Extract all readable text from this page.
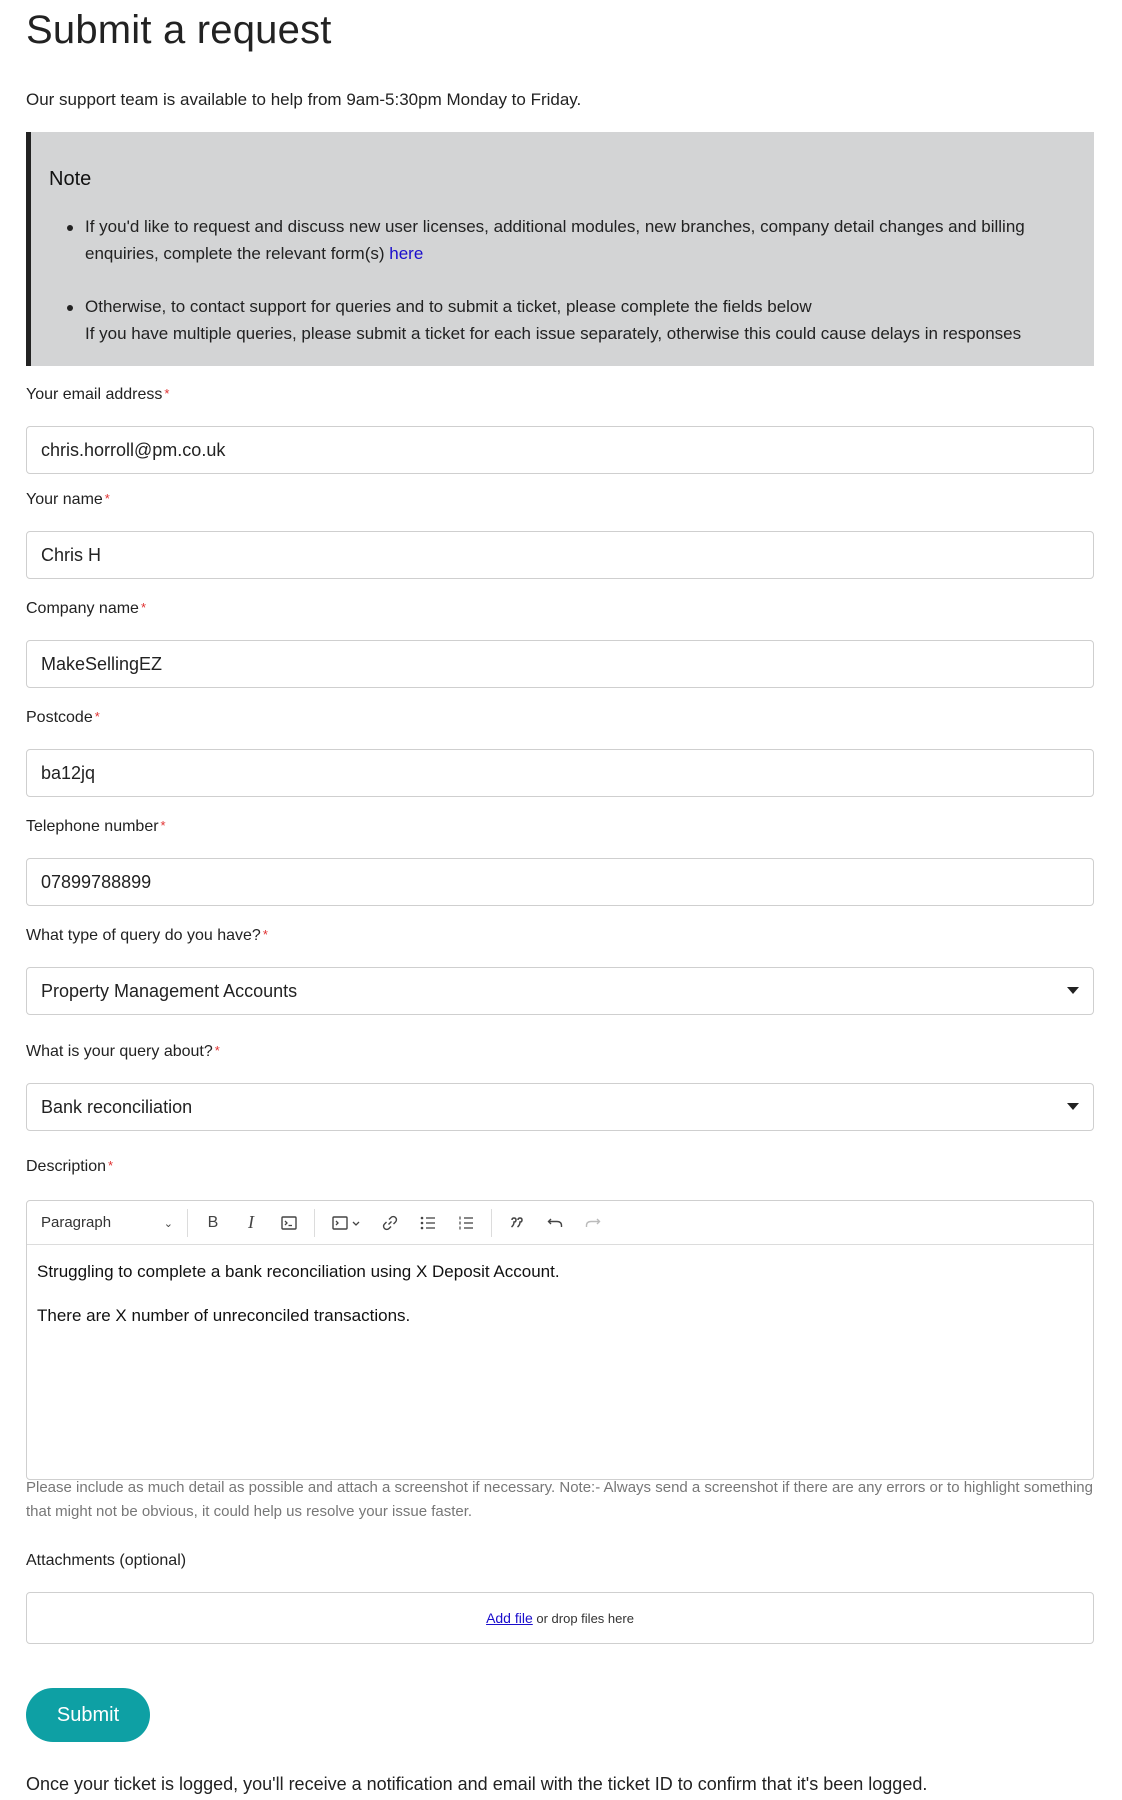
Submit a request
Our support team is available to help from 9am-5:30pm Monday to Friday.
Note
If you'd like to request and discuss new user licenses, additional modules, new branches, company detail changes and billing enquiries, complete the relevant form(s) here
Otherwise, to contact support for queries and to submit a ticket, please complete the fields below
If you have multiple queries, please submit a ticket for each issue separately, otherwise this could cause delays in responses
Your email address *
chris.horroll@pm.co.uk
Your name *
Chris H
Company name *
MakeSellingEZ
Postcode *
ba12jq
Telephone number *
07899788899
What type of query do you have? *
Property Management Accounts
What is your query about? *
Bank reconciliation
Description *
Paragraph	⌄ B I

Struggling to complete a bank reconciliation using X Deposit Account.

There are X number of unreconciled transactions.

Please include as much detail as possible and attach a screenshot if necessary. Note:- Always send a screenshot if there are any errors or to highlight something that might not be obvious, it could help us resolve your issue faster.
Attachments (optional)
Add file or drop files here
Submit
Once your ticket is logged, you'll receive a notification and email with the ticket ID to confirm that it's been logged.
